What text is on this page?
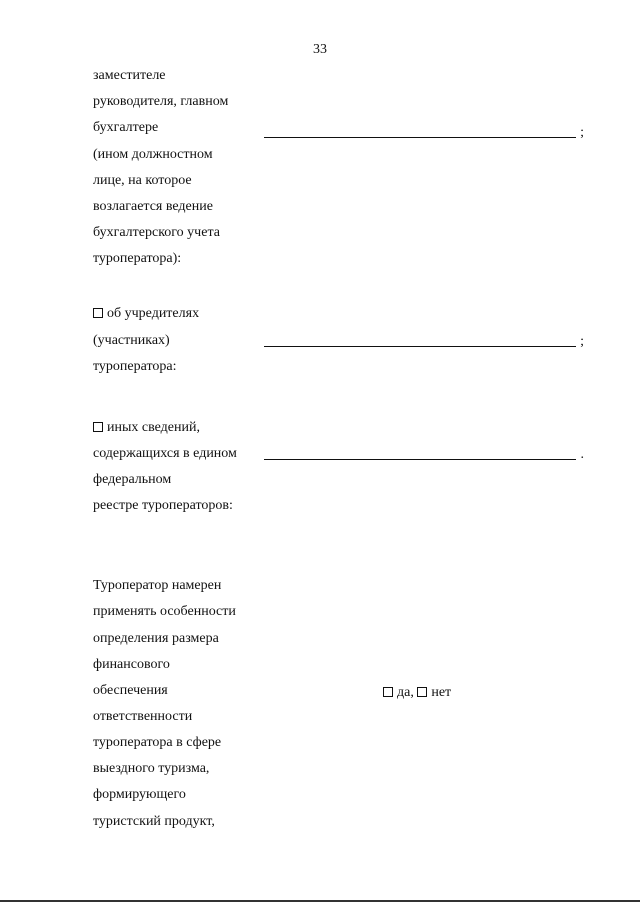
33
заместителе
руководителя, главном
бухгалтере
(ином должностном
лице, на которое
возлагается ведение
бухгалтерского учета
туроператора):
;
об учредителях
(участниках)
туроператора:
;
иных сведений,
содержащихся в едином
федеральном
реестре туроператоров:
.
Туроператор намерен
применять особенности
определения размера
финансового
обеспечения
ответственности
туроператора в сфере
выездного туризма,
формирующего
туристский продукт,
да, нет
